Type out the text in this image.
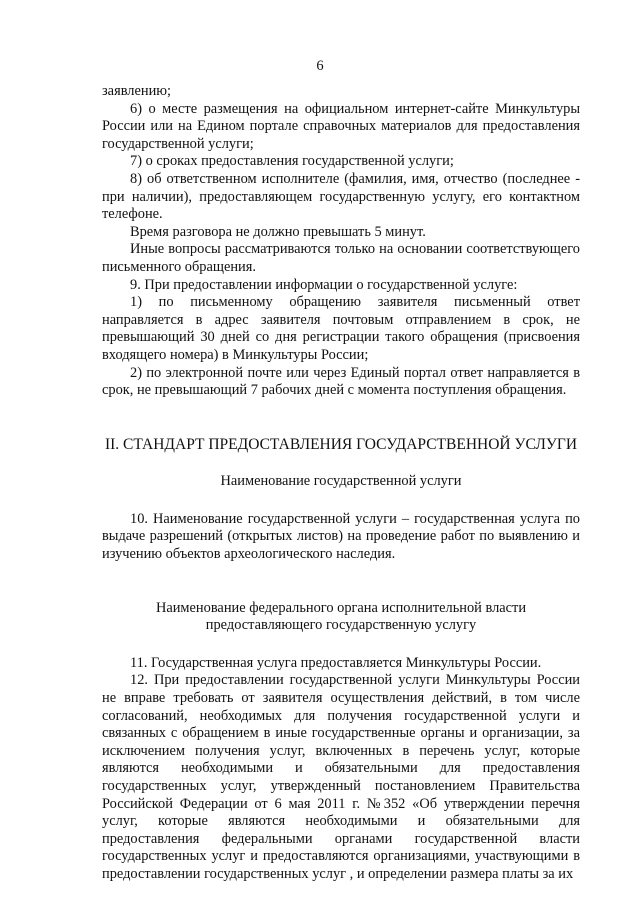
6

заявлению;

6) о месте размещения на официальном интернет-сайте Минкультуры России или на Едином портале справочных материалов для предоставления государственной услуги;

7) о сроках предоставления государственной услуги;

8) об ответственном исполнителе (фамилия, имя, отчество (последнее - при наличии), предоставляющем государственную услугу, его контактном телефоне.

Время разговора не должно превышать 5 минут.

Иные вопросы рассматриваются только на основании соответствующего письменного обращения.

9. При предоставлении информации о государственной услуге:

1) по письменному обращению заявителя письменный ответ направляется в адрес заявителя почтовым отправлением в срок, не превышающий 30 дней со дня регистрации такого обращения (присвоения входящего номера) в Минкультуры России;

2) по электронной почте или через Единый портал ответ направляется в срок, не превышающий 7 рабочих дней с момента поступления обращения.

II. СТАНДАРТ ПРЕДОСТАВЛЕНИЯ ГОСУДАРСТВЕННОЙ УСЛУГИ

Наименование государственной услуги

10. Наименование государственной услуги – государственная услуга по выдаче разрешений (открытых листов) на проведение работ по выявлению и изучению объектов археологического наследия.

Наименование федерального органа исполнительной власти

предоставляющего государственную услугу

11. Государственная услуга предоставляется Минкультуры России.

12. При предоставлении государственной услуги Минкультуры России не вправе требовать от заявителя осуществления действий, в том числе согласований, необходимых для получения государственной услуги и связанных с обращением в иные государственные органы и организации, за исключением получения услуг, включенных в перечень услуг, которые являются необходимыми и обязательными для предоставления государственных услуг, утвержденный постановлением Правительства Российской Федерации от 6 мая 2011 г. №352 «Об утверждении перечня услуг, которые являются необходимыми и обязательными для предоставления федеральными органами государственной власти государственных услуг и предоставляются организациями, участвующими в предоставлении государственных услуг , и определении размера платы за их
